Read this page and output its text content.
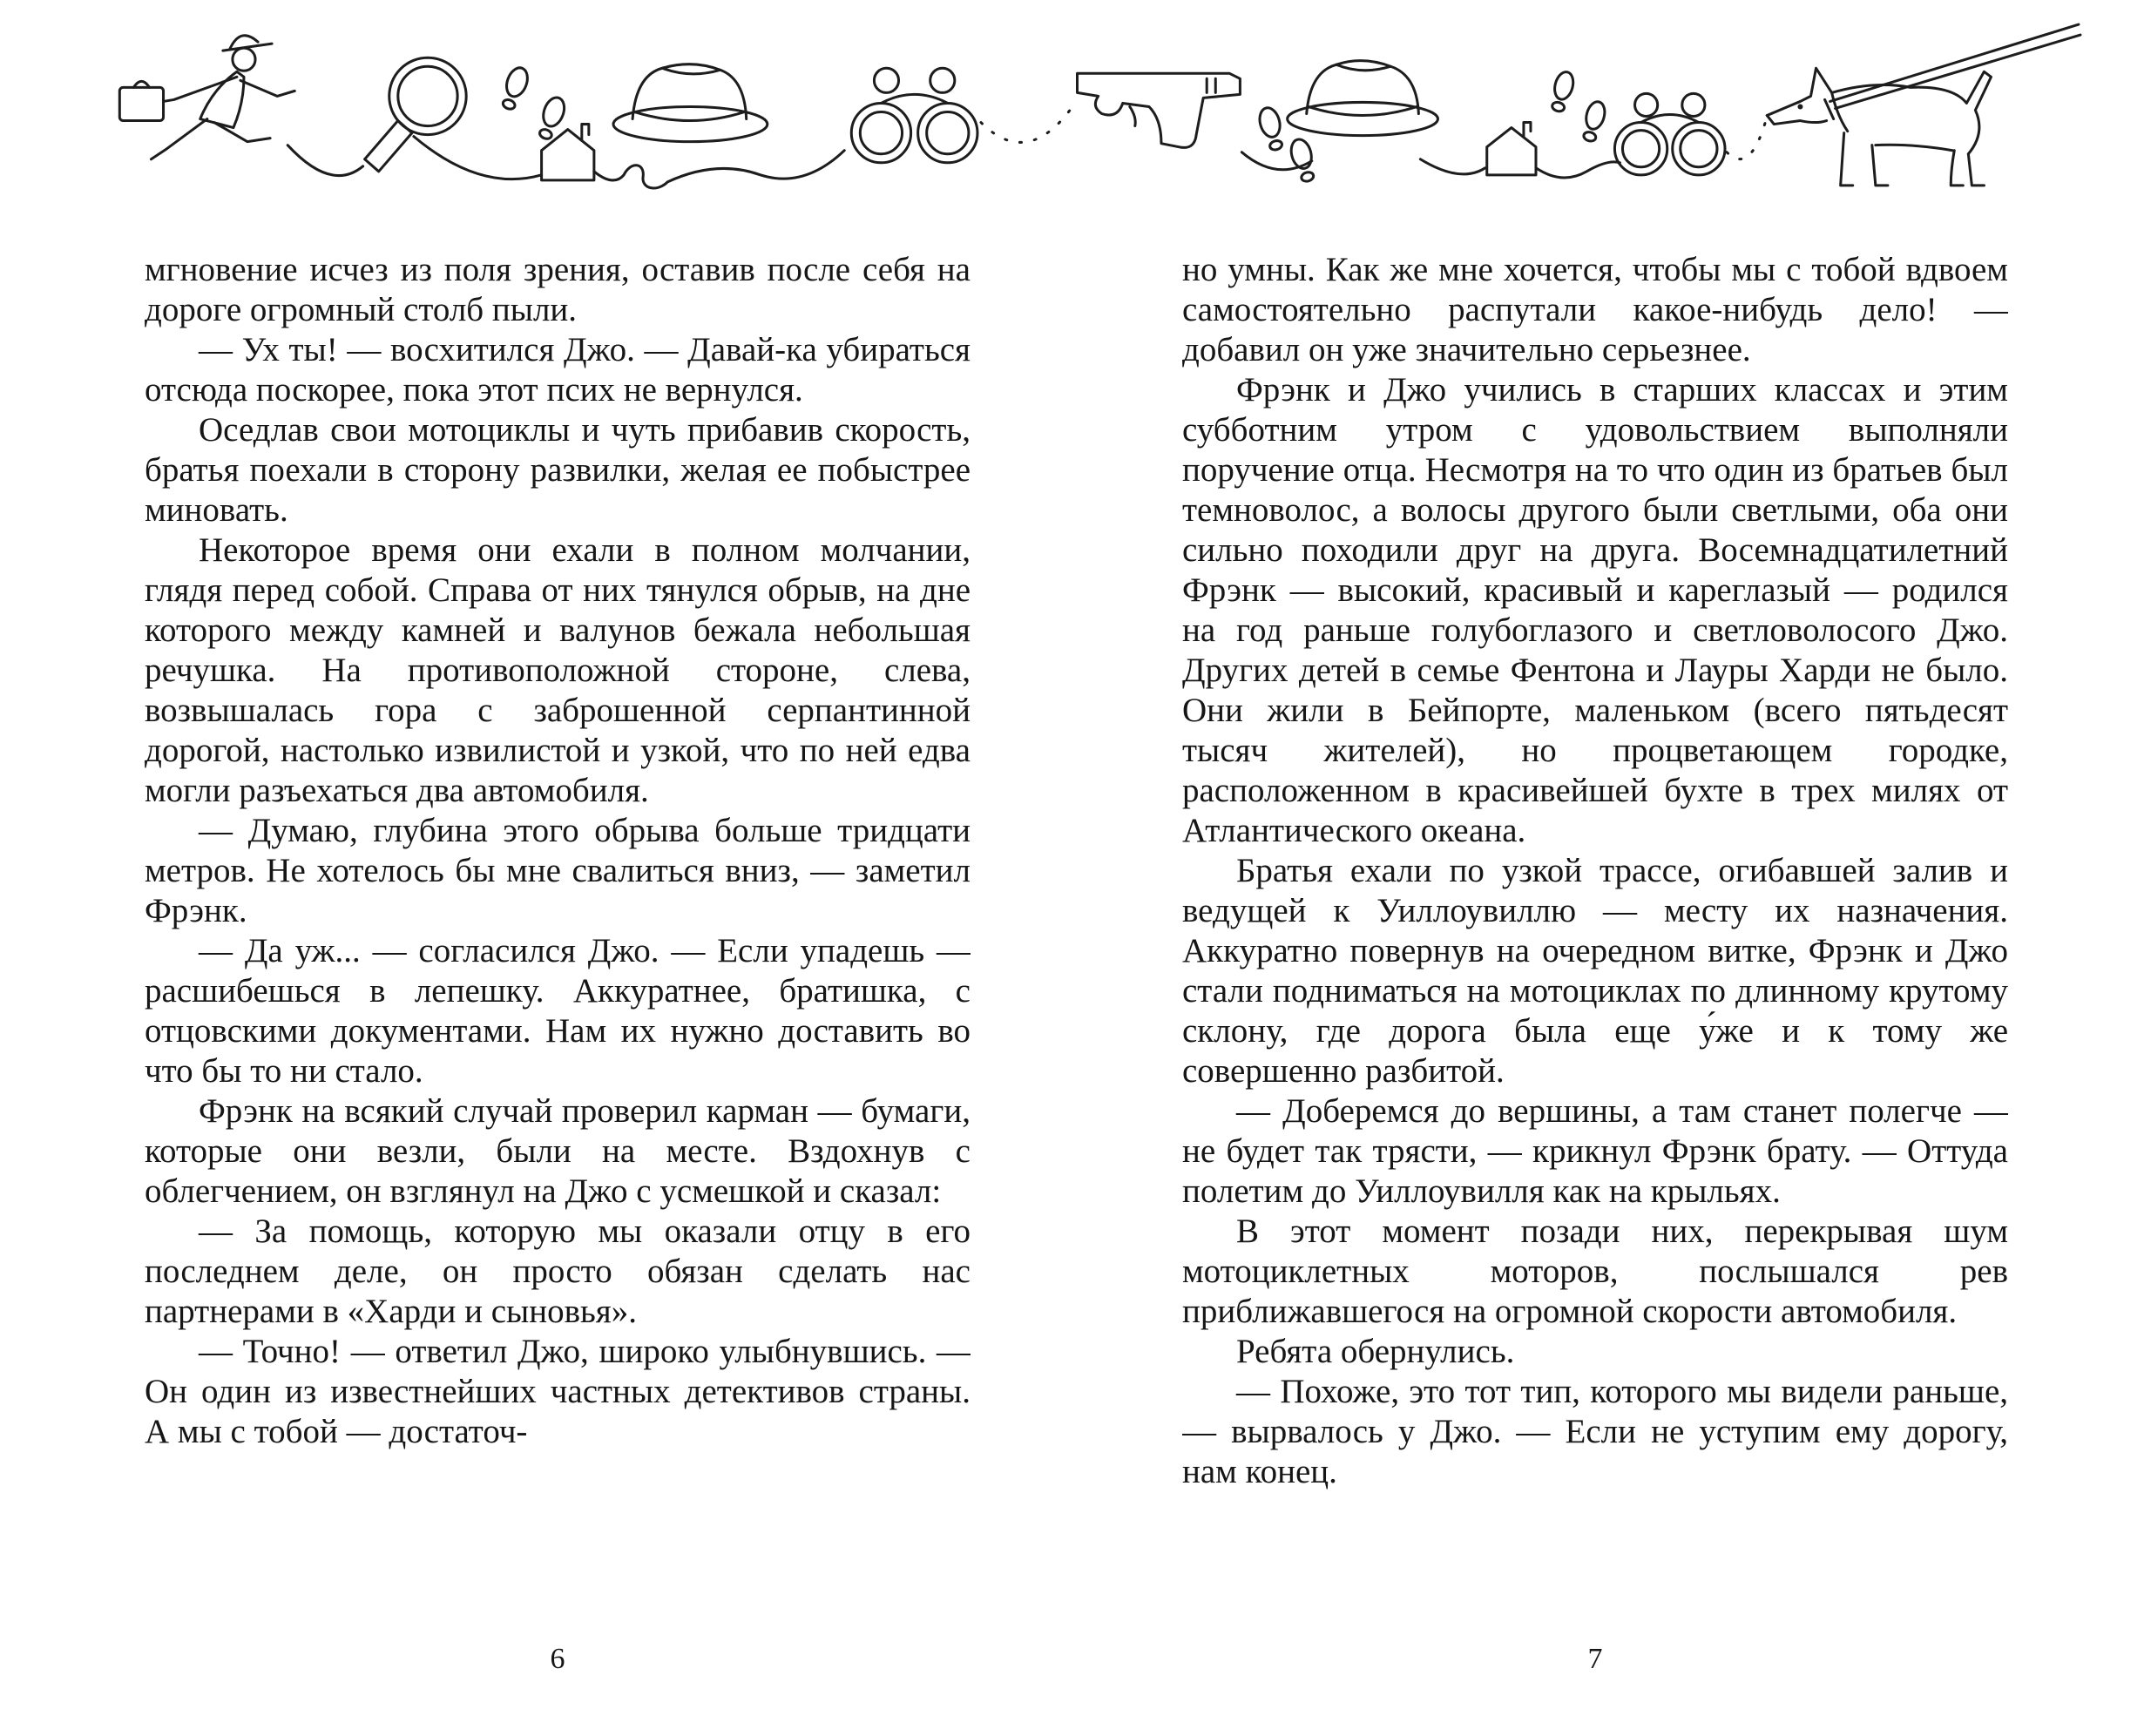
мгновение исчез из поля зрения, оставив после себя на дороге огромный столб пыли.

— Ух ты! — восхитился Джо. — Давай-ка убираться отсюда поскорее, пока этот псих не вернулся.

Оседлав свои мотоциклы и чуть прибавив скорость, братья поехали в сторону развилки, желая ее побыстрее миновать.

Некоторое время они ехали в полном молчании, глядя перед собой. Справа от них тянулся обрыв, на дне которого между камней и валунов бежала небольшая речушка. На противоположной стороне, слева, возвышалась гора с заброшенной серпантинной дорогой, настолько извилистой и узкой, что по ней едва могли разъехаться два автомобиля.

— Думаю, глубина этого обрыва больше тридцати метров. Не хотелось бы мне свалиться вниз, — заметил Фрэнк.

— Да уж... — согласился Джо. — Если упадешь — расшибешься в лепешку. Аккуратнее, братишка, с отцовскими документами. Нам их нужно доставить во что бы то ни стало.

Фрэнк на всякий случай проверил карман — бумаги, которые они везли, были на месте. Вздохнув с облегчением, он взглянул на Джо с усмешкой и сказал:

— За помощь, которую мы оказали отцу в его последнем деле, он просто обязан сделать нас партнерами в «Харди и сыновья».

— Точно! — ответил Джо, широко улыбнувшись. — Он один из известнейших частных детективов страны. А мы с тобой — достаточ-

6

но умны. Как же мне хочется, чтобы мы с тобой вдвоем самостоятельно распутали какое-нибудь дело! — добавил он уже значительно серьезнее.

Фрэнк и Джо учились в старших классах и этим субботним утром с удовольствием выполняли поручение отца. Несмотря на то что один из братьев был темноволос, а волосы другого были светлыми, оба они сильно походили друг на друга. Восемнадцатилетний Фрэнк — высокий, красивый и кареглазый — родился на год раньше голубоглазого и светловолосого Джо. Других детей в семье Фентона и Лауры Харди не было. Они жили в Бейпорте, маленьком (всего пятьдесят тысяч жителей), но процветающем городке, расположенном в красивейшей бухте в трех милях от Атлантического океана.

Братья ехали по узкой трассе, огибавшей залив и ведущей к Уиллоувиллю — месту их назначения. Аккуратно повернув на очередном витке, Фрэнк и Джо стали подниматься на мотоциклах по длинному крутому склону, где дорога была еще у́же и к тому же совершенно разбитой.

— Доберемся до вершины, а там станет полегче — не будет так трясти, — крикнул Фрэнк брату. — Оттуда полетим до Уиллоувилля как на крыльях.

В этот момент позади них, перекрывая шум мотоциклетных моторов, послышался рев приближавшегося на огромной скорости автомобиля.

Ребята обернулись.

— Похоже, это тот тип, которого мы видели раньше, — вырвалось у Джо. — Если не уступим ему дорогу, нам конец.

7
